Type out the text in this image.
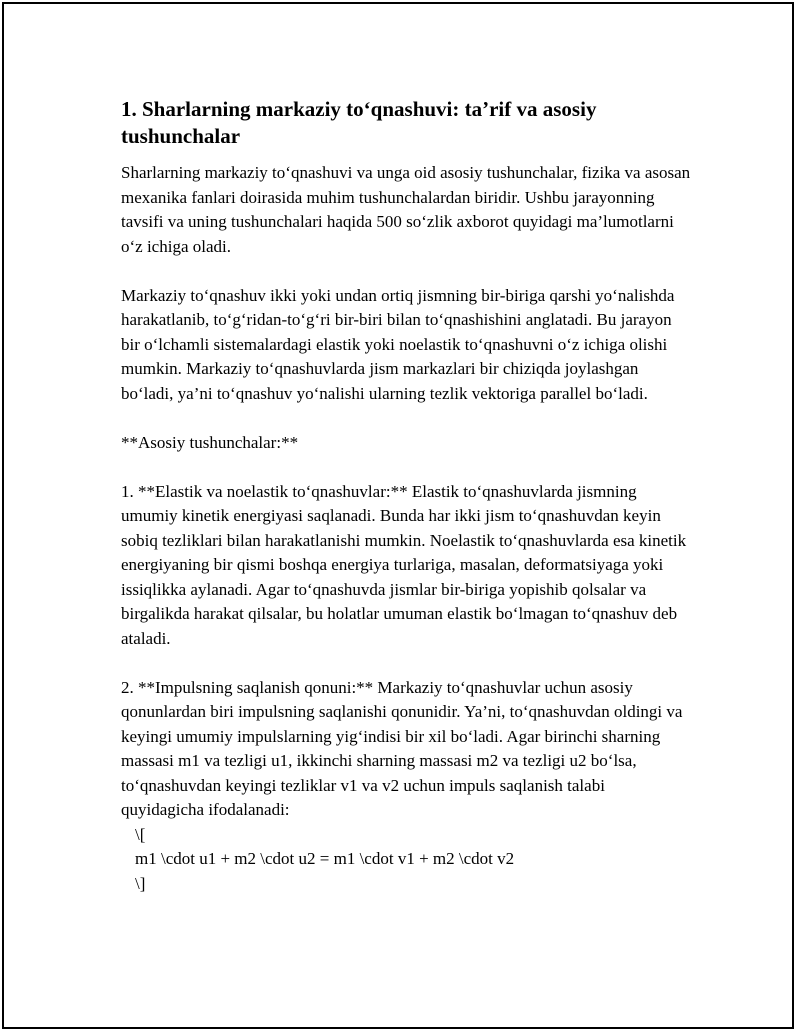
1. Sharlarning markaziy to‘qnashuvi: ta’rif va asosiy tushunchalar

Sharlarning markaziy to‘qnashuvi va unga oid asosiy tushunchalar, fizika va asosan mexanika fanlari doirasida muhim tushunchalardan biridir. Ushbu jarayonning tavsifi va uning tushunchalari haqida 500 so‘zlik axborot quyidagi ma’lumotlarni o‘z ichiga oladi.

Markaziy to‘qnashuv ikki yoki undan ortiq jismning bir-biriga qarshi yo‘nalishda harakatlanib, to‘g‘ridan-to‘g‘ri bir-biri bilan to‘qnashishini anglatadi. Bu jarayon bir o‘lchamli sistemalardagi elastik yoki noelastik to‘qnashuvni o‘z ichiga olishi mumkin. Markaziy to‘qnashuvlarda jism markazlari bir chiziqda joylashgan bo‘ladi, ya’ni to‘qnashuv yo‘nalishi ularning tezlik vektoriga parallel bo‘ladi.

**Asosiy tushunchalar:**

1. **Elastik va noelastik to‘qnashuvlar:** Elastik to‘qnashuvlarda jismning umumiy kinetik energiyasi saqlanadi. Bunda har ikki jism to‘qnashuvdan keyin sobiq tezliklari bilan harakatlanishi mumkin. Noelastik to‘qnashuvlarda esa kinetik energiyaning bir qismi boshqa energiya turlariga, masalan, deformatsiyaga yoki issiqlikka aylanadi. Agar to‘qnashuvda jismlar bir-biriga yopishib qolsalar va birgalikda harakat qilsalar, bu holatlar umuman elastik bo‘lmagan to‘qnashuv deb ataladi.

2. **Impulsning saqlanish qonuni:** Markaziy to‘qnashuvlar uchun asosiy qonunlardan biri impulsning saqlanishi qonunidir. Ya’ni, to‘qnashuvdan oldingi va keyingi umumiy impulslarning yig‘indisi bir xil bo‘ladi. Agar birinchi sharning massasi m1 va tezligi u1, ikkinchi sharning massasi m2 va tezligi u2 bo‘lsa, to‘qnashuvdan keyingi tezliklar v1 va v2 uchun impuls saqlanish talabi quyidagicha ifodalanadi:

\[
m1 \cdot u1 + m2 \cdot u2 = m1 \cdot v1 + m2 \cdot v2
\]
